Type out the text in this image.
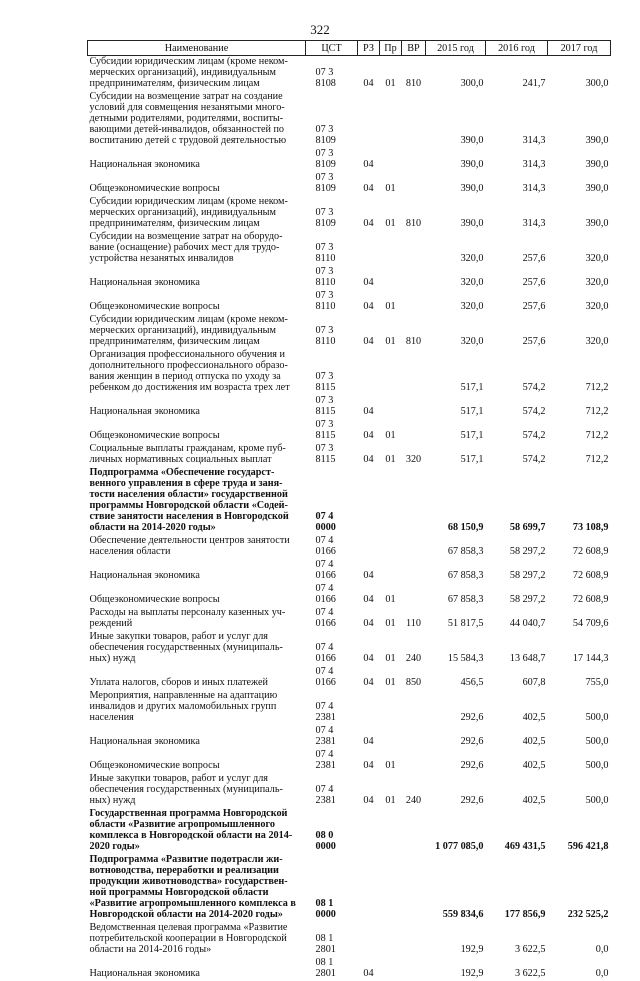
322
Наименование	ЦСТ	РЗ	Пр	ВР	2015 год	2016 год	2017 год
Субсидии юридическим лицам (кроме неком-мерческих организаций), индивидуальным предпринимателям, физическим лицам	07 3 8108	04	01	810	300,0	241,7	300,0
Субсидии на возмещение затрат на создание условий для совмещения незанятыми много-детными родителями, родителями, воспиты-вающими детей-инвалидов, обязанностей по воспитанию детей с трудовой деятельностью	07 3 8109				390,0	314,3	390,0
Национальная экономика	07 3 8109	04			390,0	314,3	390,0
Общеэкономические вопросы	07 3 8109	04	01		390,0	314,3	390,0
Субсидии юридическим лицам (кроме неком-мерческих организаций), индивидуальным предпринимателям, физическим лицам	07 3 8109	04	01	810	390,0	314,3	390,0
Субсидии на возмещение затрат на оборудо-вание (оснащение) рабочих мест для трудо-устройства незанятых инвалидов	07 3 8110				320,0	257,6	320,0
Национальная экономика	07 3 8110	04			320,0	257,6	320,0
Общеэкономические вопросы	07 3 8110	04	01		320,0	257,6	320,0
Субсидии юридическим лицам (кроме неком-мерческих организаций), индивидуальным предпринимателям, физическим лицам	07 3 8110	04	01	810	320,0	257,6	320,0
Организация профессионального обучения и дополнительного профессионального образо-вания женщин в период отпуска по уходу за ребенком до достижения им возраста трех лет	07 3 8115				517,1	574,2	712,2
Национальная экономика	07 3 8115	04			517,1	574,2	712,2
Общеэкономические вопросы	07 3 8115	04	01		517,1	574,2	712,2
Социальные выплаты гражданам, кроме пуб-личных нормативных социальных выплат	07 3 8115	04	01	320	517,1	574,2	712,2
Подпрограмма «Обеспечение государст-венного управления в сфере труда и заня-тости населения области» государственной программы Новгородской области «Содей-ствие занятости населения в Новгородской области на 2014-2020 годы»	07 4 0000				68 150,9	58 699,7	73 108,9
Обеспечение деятельности центров занятости населения области	07 4 0166				67 858,3	58 297,2	72 608,9
Национальная экономика	07 4 0166	04			67 858,3	58 297,2	72 608,9
Общеэкономические вопросы	07 4 0166	04	01		67 858,3	58 297,2	72 608,9
Расходы на выплаты персоналу казенных уч-реждений	07 4 0166	04	01	110	51 817,5	44 040,7	54 709,6
Иные закупки товаров, работ и услуг для обеспечения государственных (муниципаль-ных) нужд	07 4 0166	04	01	240	15 584,3	13 648,7	17 144,3
Уплата налогов, сборов и иных платежей	07 4 0166	04	01	850	456,5	607,8	755,0
Мероприятия, направленные на адаптацию инвалидов и других маломобильных групп населения	07 4 2381				292,6	402,5	500,0
Национальная экономика	07 4 2381	04			292,6	402,5	500,0
Общеэкономические вопросы	07 4 2381	04	01		292,6	402,5	500,0
Иные закупки товаров, работ и услуг для обеспечения государственных (муниципаль-ных) нужд	07 4 2381	04	01	240	292,6	402,5	500,0
Государственная программа Новгородской области «Развитие агропромышленного комплекса в Новгородской области на 2014-2020 годы»	08 0 0000				1 077 085,0	469 431,5	596 421,8
Подпрограмма «Развитие подотрасли жи-вотноводства, переработки и реализации продукции животноводства» государствен-ной программы Новгородской области «Развитие агропромышленного комплекса в Новгородской области на 2014-2020 годы»	08 1 0000				559 834,6	177 856,9	232 525,2
Ведомственная целевая программа «Развитие потребительской кооперации в Новгородской области на 2014-2016 годы»	08 1 2801				192,9	3 622,5	0,0
Национальная экономика	08 1 2801	04			192,9	3 622,5	0,0
